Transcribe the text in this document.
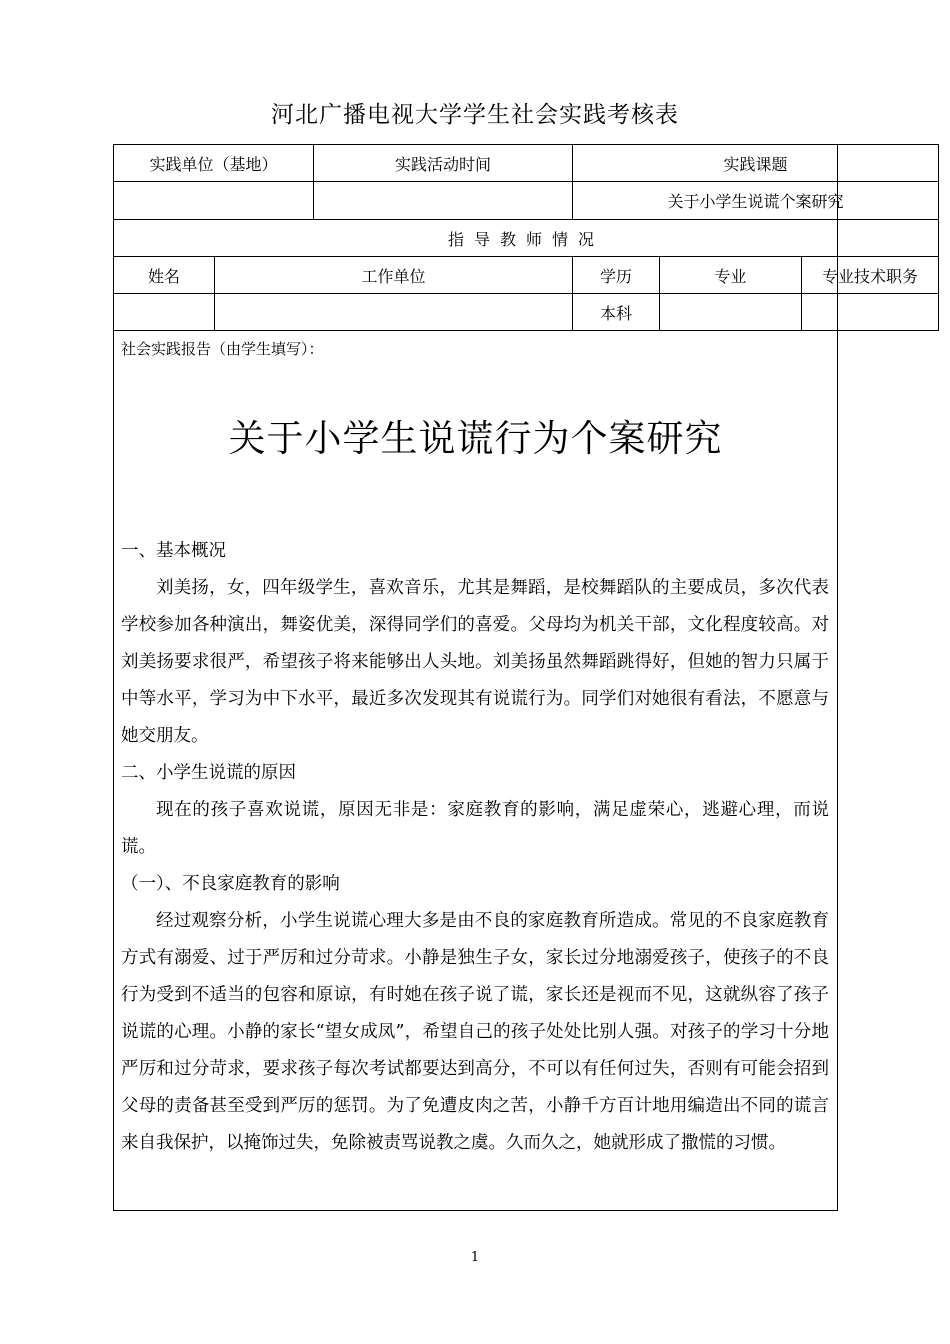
河北广播电视大学学生社会实践考核表
实践单位（基地）		实践活动时间	实践课题		
			关于小学生说谎个案研究		
指导教师情况					
姓名	工作单位		学历	专业	专业技术职务
			本科		
社会实践报告（由学生填写）：
关于小学生说谎行为个案研究

一、基本概况

刘美扬，女，四年级学生，喜欢音乐，尤其是舞蹈，是校舞蹈队的主要成员，多次代表学校参加各种演出，舞姿优美，深得同学们的喜爱。父母均为机关干部，文化程度较高。对刘美扬要求很严，希望孩子将来能够出人头地。刘美扬虽然舞蹈跳得好，但她的智力只属于中等水平，学习为中下水平，最近多次发现其有说谎行为。同学们对她很有看法，不愿意与她交朋友。

二、小学生说谎的原因

现在的孩子喜欢说谎，原因无非是：家庭教育的影响，满足虚荣心，逃避心理，而说谎。

（一）、不良家庭教育的影响

经过观察分析，小学生说谎心理大多是由不良的家庭教育所造成。常见的不良家庭教育方式有溺爱、过于严厉和过分苛求。小静是独生子女，家长过分地溺爱孩子，使孩子的不良行为受到不适当的包容和原谅，有时她在孩子说了谎，家长还是视而不见，这就纵容了孩子说谎的心理。小静的家长“望女成凤”，希望自己的孩子处处比别人强。对孩子的学习十分地严厉和过分苛求，要求孩子每次考试都要达到高分，不可以有任何过失，否则有可能会招到父母的责备甚至受到严厉的惩罚。为了免遭皮肉之苦，小静千方百计地用编造出不同的谎言来自我保护，以掩饰过失，免除被责骂说教之虞。久而久之，她就形成了撒慌的习惯。

1
